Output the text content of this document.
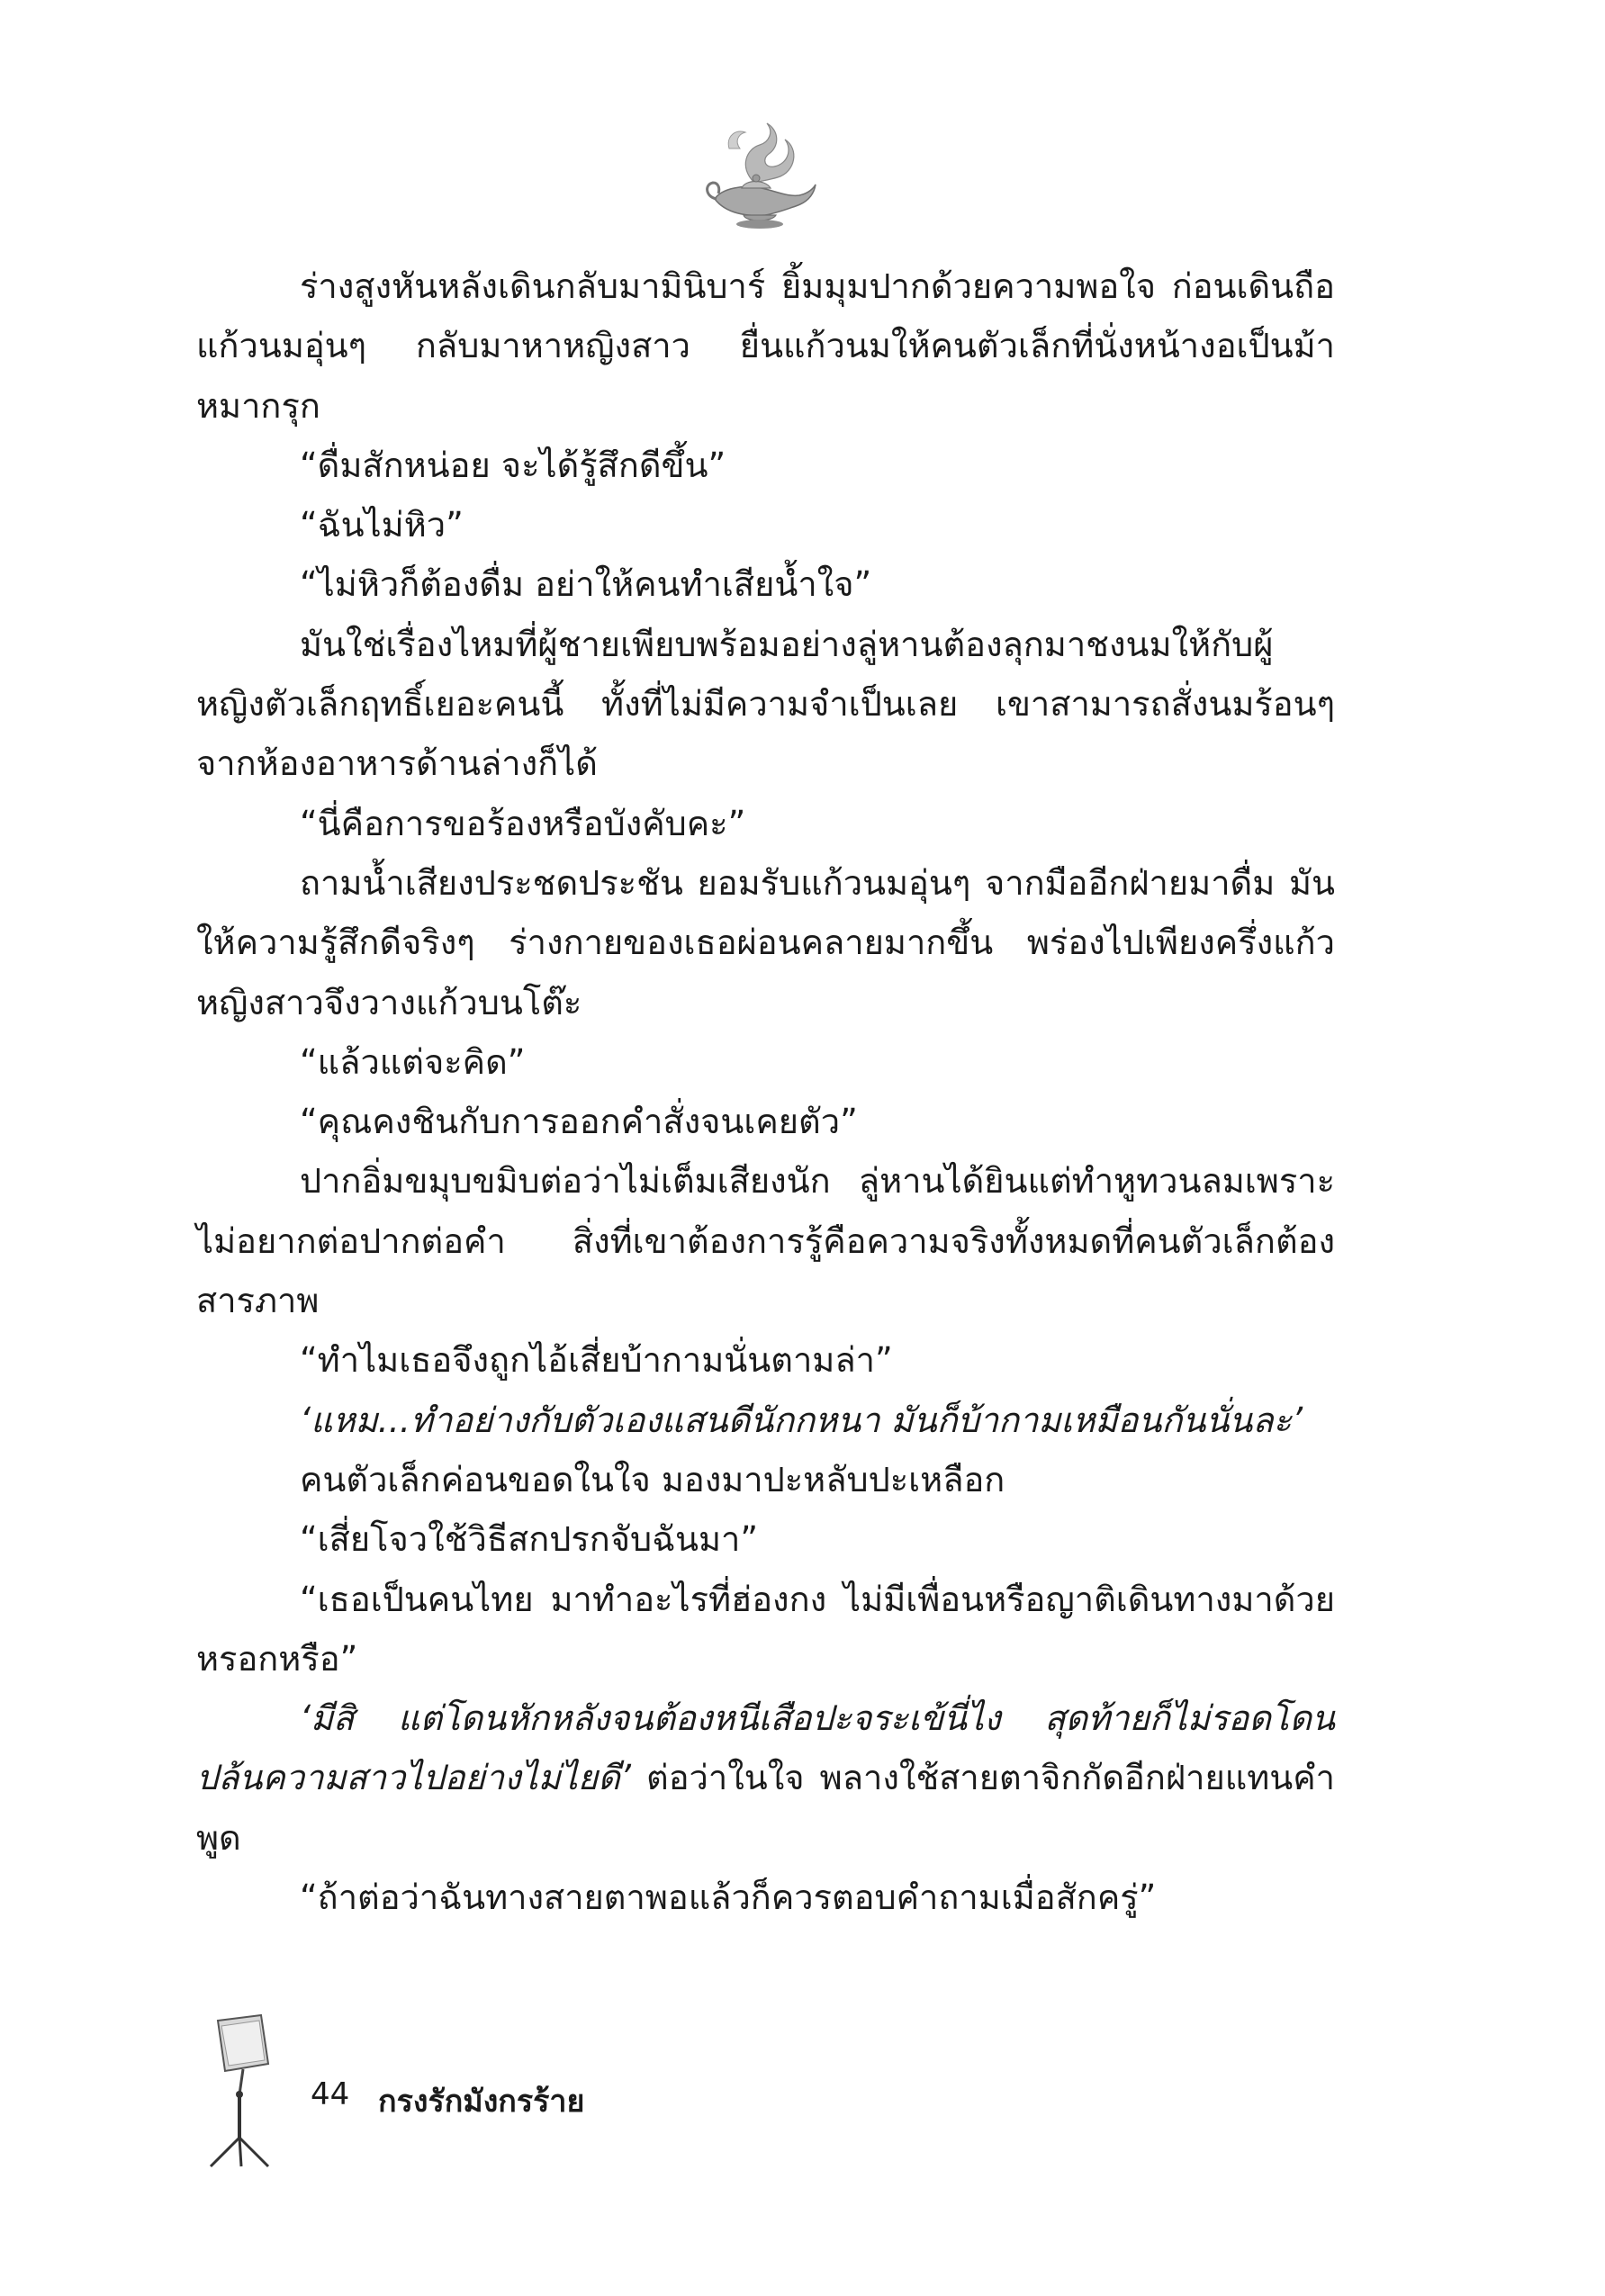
ร่างสูงหันหลังเดินกลับมามินิบาร์ ยิ้มมุมปากด้วยความพอใจ ก่อนเดินถือแก้วนมอุ่นๆ กลับมาหาหญิงสาว ยื่นแก้วนมให้คนตัวเล็กที่นั่งหน้างอเป็นม้าหมากรุก

“ดื่มสักหน่อย จะได้รู้สึกดีขึ้น”

“ฉันไม่หิว”

“ไม่หิวก็ต้องดื่ม อย่าให้คนทำเสียน้ำใจ”

มันใช่เรื่องไหมที่ผู้ชายเพียบพร้อมอย่างลู่หานต้องลุกมาชงนมให้กับผู้หญิงตัวเล็กฤทธิ์เยอะคนนี้ ทั้งที่ไม่มีความจำเป็นเลย เขาสามารถสั่งนมร้อนๆ จากห้องอาหารด้านล่างก็ได้

“นี่คือการขอร้องหรือบังคับคะ”

ถามน้ำเสียงประชดประชัน ยอมรับแก้วนมอุ่นๆ จากมืออีกฝ่ายมาดื่ม มันให้ความรู้สึกดีจริงๆ ร่างกายของเธอผ่อนคลายมากขึ้น พร่องไปเพียงครึ่งแก้วหญิงสาวจึงวางแก้วบนโต๊ะ

“แล้วแต่จะคิด”

“คุณคงชินกับการออกคำสั่งจนเคยตัว”

ปากอิ่มขมุบขมิบต่อว่าไม่เต็มเสียงนัก ลู่หานได้ยินแต่ทำหูทวนลมเพราะไม่อยากต่อปากต่อคำ สิ่งที่เขาต้องการรู้คือความจริงทั้งหมดที่คนตัวเล็กต้องสารภาพ

“ทำไมเธอจึงถูกไอ้เสี่ยบ้ากามนั่นตามล่า”

‘แหม...ทำอย่างกับตัวเองแสนดีนักกหนา มันก็บ้ากามเหมือนกันนั่นละ’

คนตัวเล็กค่อนขอดในใจ มองมาปะหลับปะเหลือก

“เสี่ยโจวใช้วิธีสกปรกจับฉันมา”

“เธอเป็นคนไทย มาทำอะไรที่ฮ่องกง ไม่มีเพื่อนหรือญาติเดินทางมาด้วยหรอกหรือ”

‘มีสิ แต่โดนหักหลังจนต้องหนีเสือปะจระเข้นี่ไง สุดท้ายก็ไม่รอดโดนปล้นความสาวไปอย่างไม่ไยดี’ ต่อว่าในใจ พลางใช้สายตาจิกกัดอีกฝ่ายแทนคำพูด

“ถ้าต่อว่าฉันทางสายตาพอแล้วก็ควรตอบคำถามเมื่อสักครู่”

44 กรงรักมังกรร้าย
